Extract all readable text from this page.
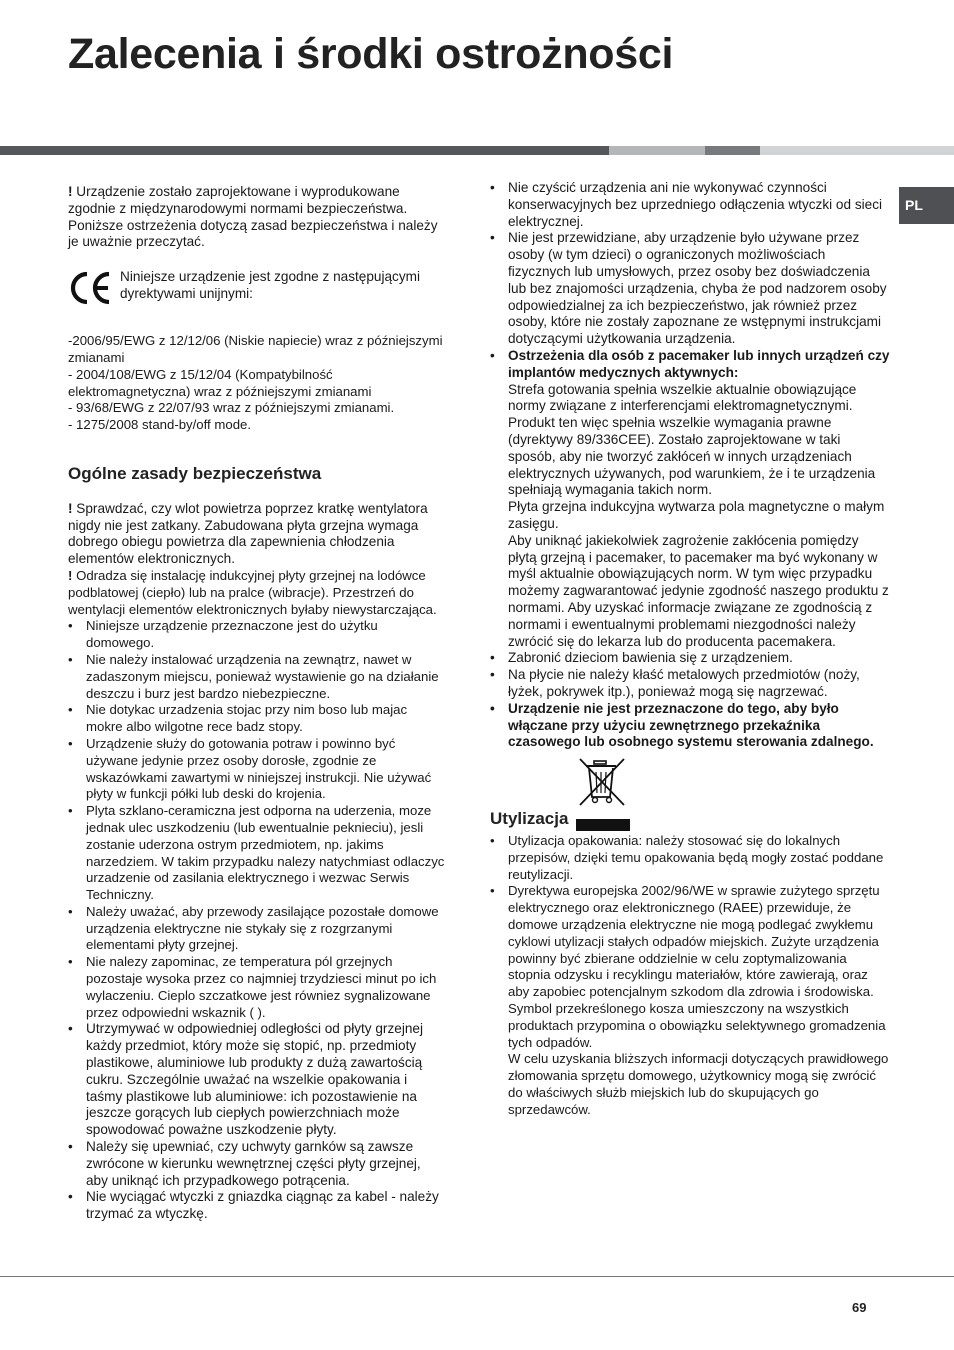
Zalecenia i środki ostrożności
PL
! Urządzenie zostało zaprojektowane i wyprodukowane zgodnie z międzynarodowymi normami bezpieczeństwa. Poniższe ostrzeżenia dotyczą zasad bezpieczeństwa i należy je uważnie przeczytać.
Niniejsze urządzenie jest zgodne z następującymi dyrektywami unijnymi:
-2006/95/EWG z 12/12/06 (Niskie napiecie) wraz z późniejszymi zmianami
- 2004/108/EWG z 15/12/04 (Kompatybilność elektromagnetyczna) wraz z późniejszymi zmianami
- 93/68/EWG z 22/07/93 wraz z późniejszymi zmianami.
- 1275/2008 stand-by/off mode.
Ogólne zasady bezpieczeństwa

! Sprawdzać, czy wlot powietrza poprzez kratkę wentylatora nigdy nie jest zatkany. Zabudowana płyta grzejna wymaga dobrego obiegu powietrza dla zapewnienia chłodzenia elementów elektronicznych.

! Odradza się instalację indukcyjnej płyty grzejnej na lodówce podblatowej (ciepło) lub na pralce (wibracje). Przestrzeń do wentylacji elementów elektronicznych byłaby niewystarczająca.

• Niniejsze urządzenie przeznaczone jest do użytku domowego.
• Nie należy instalować urządzenia na zewnątrz, nawet w zadaszonym miejscu, ponieważ wystawienie go na działanie deszczu i burz jest bardzo niebezpieczne.
• Nie dotykac urzadzenia stojac przy nim boso lub majac mokre albo wilgotne rece badz stopy.
• Urządzenie służy do gotowania potraw i powinno być używane jedynie przez osoby dorosłe, zgodnie ze wskazówkami zawartymi w niniejszej instrukcji. Nie używać płyty w funkcji półki lub deski do krojenia.
• Plyta szklano-ceramiczna jest odporna na uderzenia, moze jednak ulec uszkodzeniu (lub ewentualnie peknieciu), jesli zostanie uderzona ostrym przedmiotem, np. jakims narzedziem. W takim przypadku nalezy natychmiast odlaczyc urzadzenie od zasilania elektrycznego i wezwac Serwis Techniczny.
• Należy uważać, aby przewody zasilające pozostałe domowe urządzenia elektryczne nie stykały się z rozgrzanymi elementami płyty grzejnej.
• Nie nalezy zapominac, ze temperatura pól grzejnych pozostaje wysoka przez co najmniej trzydziesci minut po ich wylaczeniu. Cieplo szczatkowe jest równiez sygnalizowane przez odpowiedni wskaznik ( ).
• Utrzymywać w odpowiedniej odległości od płyty grzejnej każdy przedmiot, który może się stopić, np. przedmioty plastikowe, aluminiowe lub produkty z dużą zawartością cukru. Szczególnie uważać na wszelkie opakowania i taśmy plastikowe lub aluminiowe: ich pozostawienie na jeszcze gorących lub ciepłych powierzchniach może spowodować poważne uszkodzenie płyty.
• Należy się upewniać, czy uchwyty garnków są zawsze zwrócone w kierunku wewnętrznej części płyty grzejnej, aby uniknąć ich przypadkowego potrącenia.
• Nie wyciągać wtyczki z gniazdka ciągnąc za kabel - należy trzymać za wtyczkę.
• Nie czyścić urządzenia ani nie wykonywać czynności konserwacyjnych bez uprzedniego odłączenia wtyczki od sieci elektrycznej.
• Nie jest przewidziane, aby urządzenie było używane przez osoby (w tym dzieci) o ograniczonych możliwościach fizycznych lub umysłowych, przez osoby bez doświadczenia lub bez znajomości urządzenia, chyba że pod nadzorem osoby odpowiedzialnej za ich bezpieczeństwo, jak również przez osoby, które nie zostały zapoznane ze wstępnymi instrukcjami dotyczącymi użytkowania urządzenia.
• Ostrzeżenia dla osób z pacemaker lub innych urządzeń czy implantów medycznych aktywnych:
Strefa gotowania spełnia wszelkie aktualnie obowiązujące normy związane z interferencjami elektromagnetycznymi.
Produkt ten więc spełnia wszelkie wymagania prawne (dyrektywy 89/336CEE). Zostało zaprojektowane w taki sposób, aby nie tworzyć zakłóceń w innych urządzeniach elektrycznych używanych, pod warunkiem, że i te urządzenia spełniają wymagania takich norm.
Płyta grzejna indukcyjna wytwarza pola magnetyczne o małym zasięgu.
Aby uniknąć jakiekolwiek zagrożenie zakłócenia pomiędzy płytą grzejną i pacemaker, to pacemaker ma być wykonany w myśl aktualnie obowiązujących norm. W tym więc przypadku możemy zagwarantować jedynie zgodność naszego produktu z normami. Aby uzyskać informacje związane ze zgodnością z normami i ewentualnymi problemami niezgodności należy zwrócić się do lekarza lub do producenta pacemakera.
• Zabronić dzieciom bawienia się z urządzeniem.
• Na płycie nie należy kłaść metalowych przedmiotów (noży, łyżek, pokrywek itp.), ponieważ mogą się nagrzewać.
• Urządzenie nie jest przeznaczone do tego, aby było włączane przy użyciu zewnętrznego przekaźnika czasowego lub osobnego systemu sterowania zdalnego.
Utylizacja
• Utylizacja opakowania: należy stosować się do lokalnych przepisów, dzięki temu opakowania będą mogły zostać poddane reutylizacji.
• Dyrektywa europejska 2002/96/WE w sprawie zużytego sprzętu elektrycznego oraz elektronicznego (RAEE) przewiduje, że domowe urządzenia elektryczne nie mogą podlegać zwykłemu cyklowi utylizacji stałych odpadów miejskich. Zużyte urządzenia powinny być zbierane oddzielnie w celu zoptymalizowania stopnia odzysku i recyklingu materiałów, które zawierają, oraz aby zapobiec potencjalnym szkodom dla zdrowia i środowiska. Symbol przekreślonego kosza umieszczony na wszystkich produktach przypomina o obowiązku selektywnego gromadzenia tych odpadów.
W celu uzyskania bliższych informacji dotyczących prawidłowego złomowania sprzętu domowego, użytkownicy mogą się zwrócić do właściwych służb miejskich lub do skupujących go sprzedawców.
69
